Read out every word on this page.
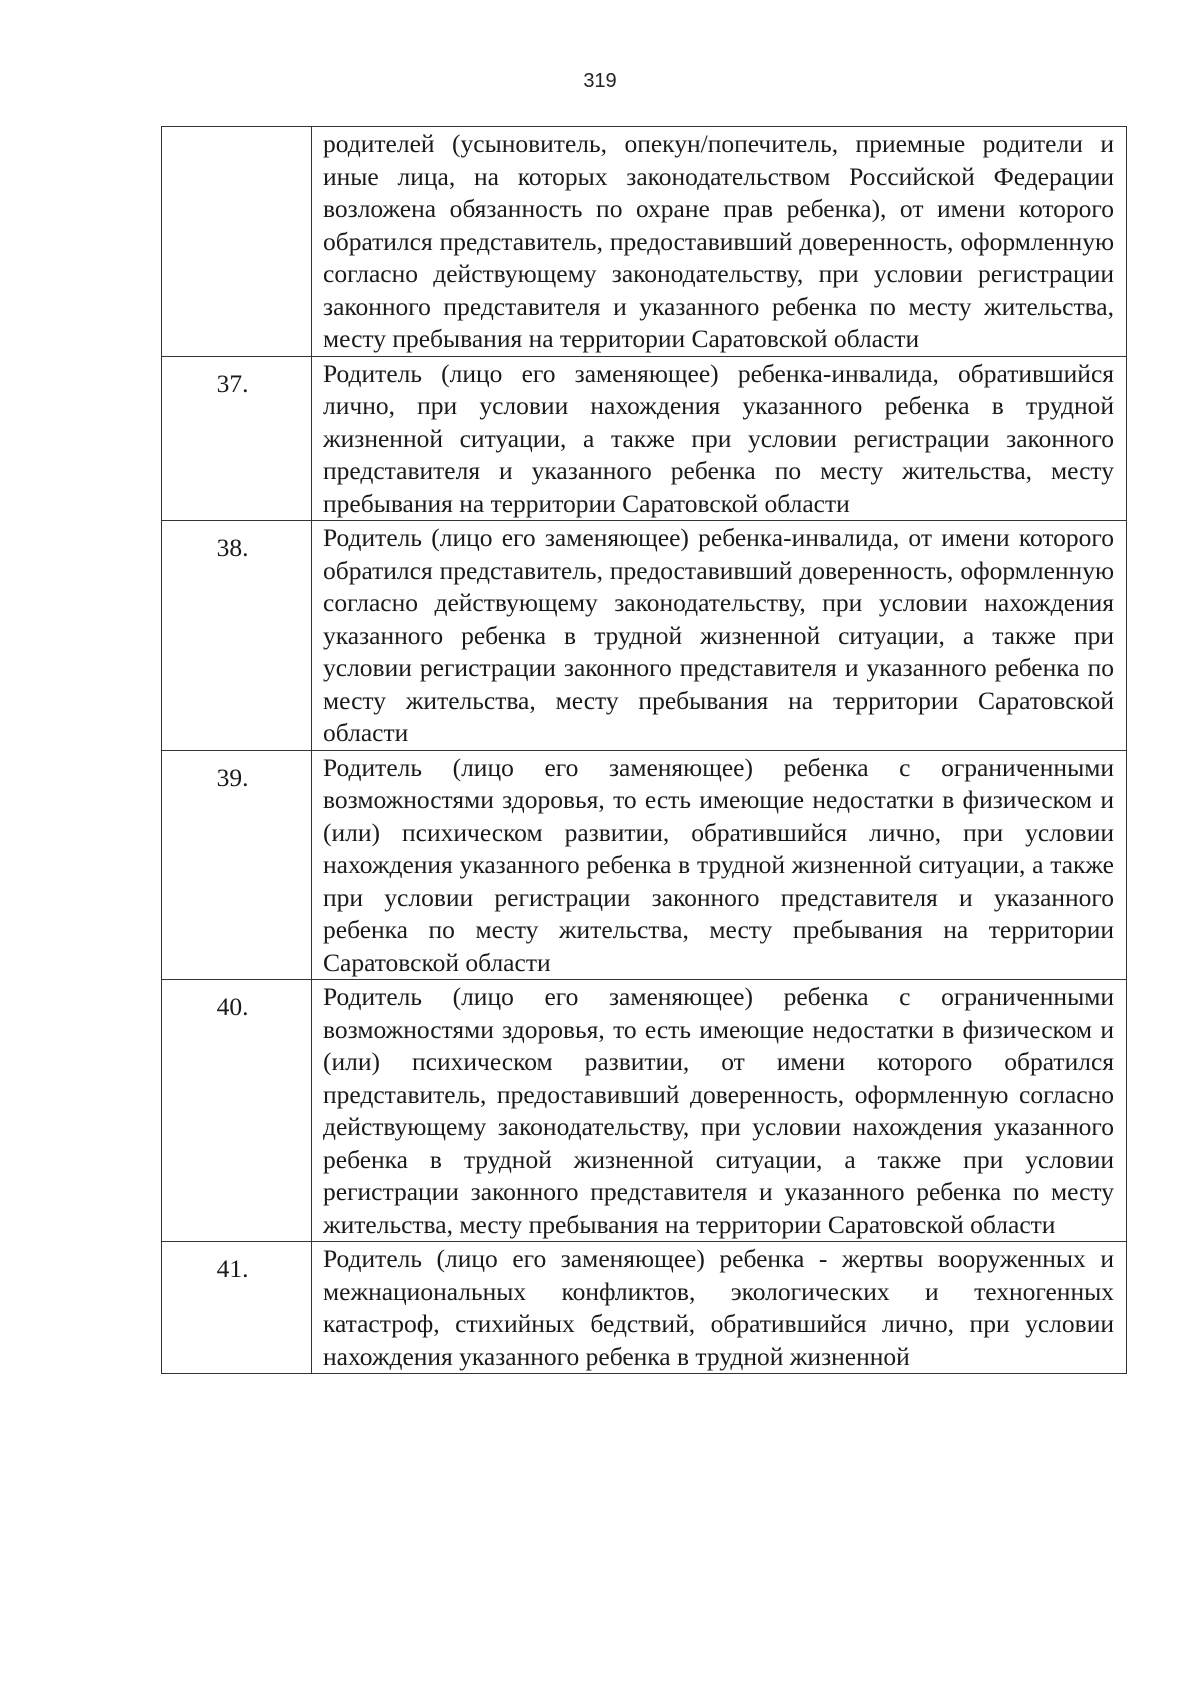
319
	родителей (усыновитель, опекун/попечитель, приемные родители и иные лица, на которых законодательством Российской Федерации возложена обязанность по охране прав ребенка), от имени которого обратился представитель, предоставивший доверенность, оформленную согласно действующему законодательству, при условии регистрации законного представителя и указанного ребенка по месту жительства, месту пребывания на территории Саратовской области
37.	Родитель (лицо его заменяющее) ребенка-инвалида, обратившийся лично, при условии нахождения указанного ребенка в трудной жизненной ситуации, а также при условии регистрации законного представителя и указанного ребенка по месту жительства, месту пребывания на территории Саратовской области
38.	Родитель (лицо его заменяющее) ребенка-инвалида, от имени которого обратился представитель, предоставивший доверенность, оформленную согласно действующему законодательству, при условии нахождения указанного ребенка в трудной жизненной ситуации, а также при условии регистрации законного представителя и указанного ребенка по месту жительства, месту пребывания на территории Саратовской области
39.	Родитель (лицо его заменяющее) ребенка с ограниченными возможностями здоровья, то есть имеющие недостатки в физическом и (или) психическом развитии, обратившийся лично, при условии нахождения указанного ребенка в трудной жизненной ситуации, а также при условии регистрации законного представителя и указанного ребенка по месту жительства, месту пребывания на территории Саратовской области
40.	Родитель (лицо его заменяющее) ребенка с ограниченными возможностями здоровья, то есть имеющие недостатки в физическом и (или) психическом развитии, от имени которого обратился представитель, предоставивший доверенность, оформленную согласно действующему законодательству, при условии нахождения указанного ребенка в трудной жизненной ситуации, а также при условии регистрации законного представителя и указанного ребенка по месту жительства, месту пребывания на территории Саратовской области
41.	Родитель (лицо его заменяющее) ребенка - жертвы вооруженных и межнациональных конфликтов, экологических и техногенных катастроф, стихийных бедствий, обратившийся лично, при условии нахождения указанного ребенка в трудной жизненной
